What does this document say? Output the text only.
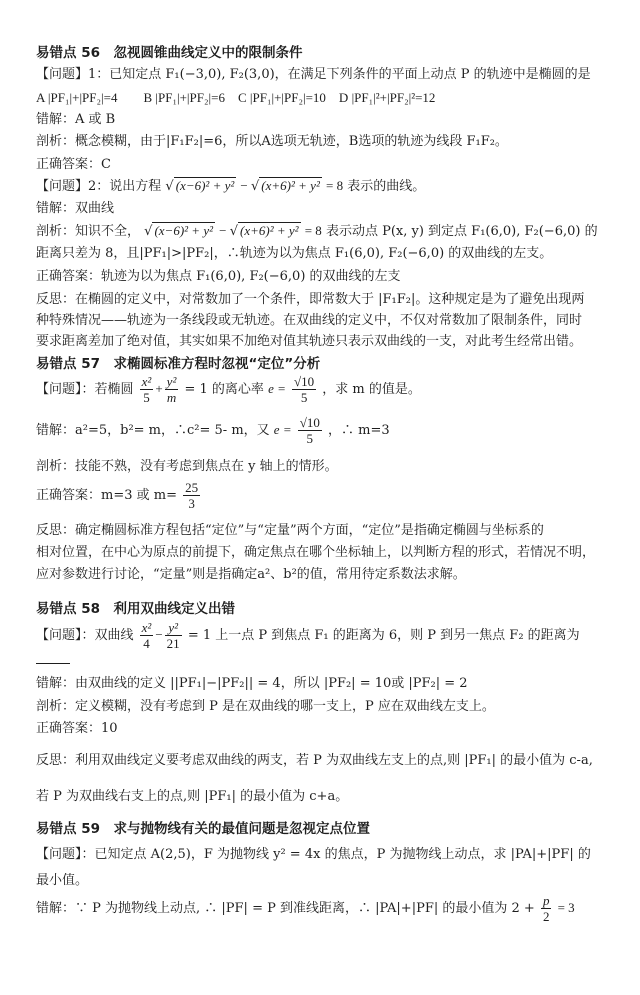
易错点 56　忽视圆锥曲线定义中的限制条件
【问题】1：已知定点 F₁(−3,0), F₂(3,0)，在满足下列条件的平面上动点 P 的轨迹中是椭圆的是
A |PF₁|+|PF₂|=4　　B |PF₁|+|PF₂|=6　C |PF₁|+|PF₂|=10　D |PF₁|²+|PF₂|²=12
错解：A 或 B
剖析：概念模糊，由于|F₁F₂|=6，所以A选项无轨迹，B选项的轨迹为线段 F₁F₂。
正确答案：C
【问题】2：说出方程 √ (x−6)² + y² − √ (x+6)² + y² = 8 表示的曲线。
错解：双曲线
剖析：知识不全， √ (x−6)² + y² − √ (x+6)² + y² = 8 表示动点 P(x, y) 到定点 F₁(6,0), F₂(−6,0) 的
距离只差为 8，且|PF₁|>|PF₂|，∴轨迹为以为焦点 F₁(6,0), F₂(−6,0) 的双曲线的左支。
正确答案：轨迹为以为焦点 F₁(6,0), F₂(−6,0) 的双曲线的左支
反思：在椭圆的定义中，对常数加了一个条件，即常数大于 |F₁F₂|。这种规定是为了避免出现两
种特殊情况——轨迹为一条线段或无轨迹。在双曲线的定义中，不仅对常数加了限制条件，同时
要求距离差加了绝对值，其实如果不加绝对值其轨迹只表示双曲线的一支，对此考生经常出错。
易错点 57　求椭圆标准方程时忽视“定位”分析
【问题】：若椭圆 $\frac{\text{x²}}{5} + \frac{\text{y²}}{m} = 1$ 的离心率 $e = \frac{√10}{5}$ ，求 m 的值是。
错解：a²=5，b²= m，∴c²= 5- m，又 $e = \frac{√10}{5}$ ，∴ m=3
剖析：技能不熟，没有考虑到焦点在 y 轴上的情形。
正确答案：m=3 或 $m= \frac{25}{3}$
反思：确定椭圆标准方程包括“定位”与“定量”两个方面，“定位”是指确定椭圆与坐标系的
相对位置，在中心为原点的前提下，确定焦点在哪个坐标轴上，以判断方程的形式，若情况不明，
应对参数进行讨论，“定量”则是指确定a²、b²的值，常用待定系数法求解。
易错点 58　利用双曲线定义出错
【问题】：双曲线 $\frac{\text{x²}}{4} - \frac{\text{y²}}{21} = 1$ 上一点 P 到焦点 F₁ 的距离为 6，则 P 到另一焦点 F₂ 的距离为
错解：由双曲线的定义 ||PF₁|−|PF₂|| = 4，所以 |PF₂| = 10或 |PF₂| = 2
剖析：定义模糊，没有考虑到 P 是在双曲线的哪一支上，P 应在双曲线左支上。
正确答案：10
反思：利用双曲线定义要考虑双曲线的两支，若 P 为双曲线左支上的点,则 |PF₁| 的最小值为 c-a,
若 P 为双曲线右支上的点,则 |PF₁| 的最小值为 c+a。
易错点 59　求与抛物线有关的最值问题是忽视定点位置
【问题】：已知定点 A(2,5)，F 为抛物线 y² = 4x 的焦点，P 为抛物线上动点，求 |PA|+|PF| 的
最小值。
错解：∵ P 为抛物线上动点, ∴ |PF| = P 到准线距离，∴ |PA|+|PF| 的最小值为 $2 + \frac{p}{2} = 3$
